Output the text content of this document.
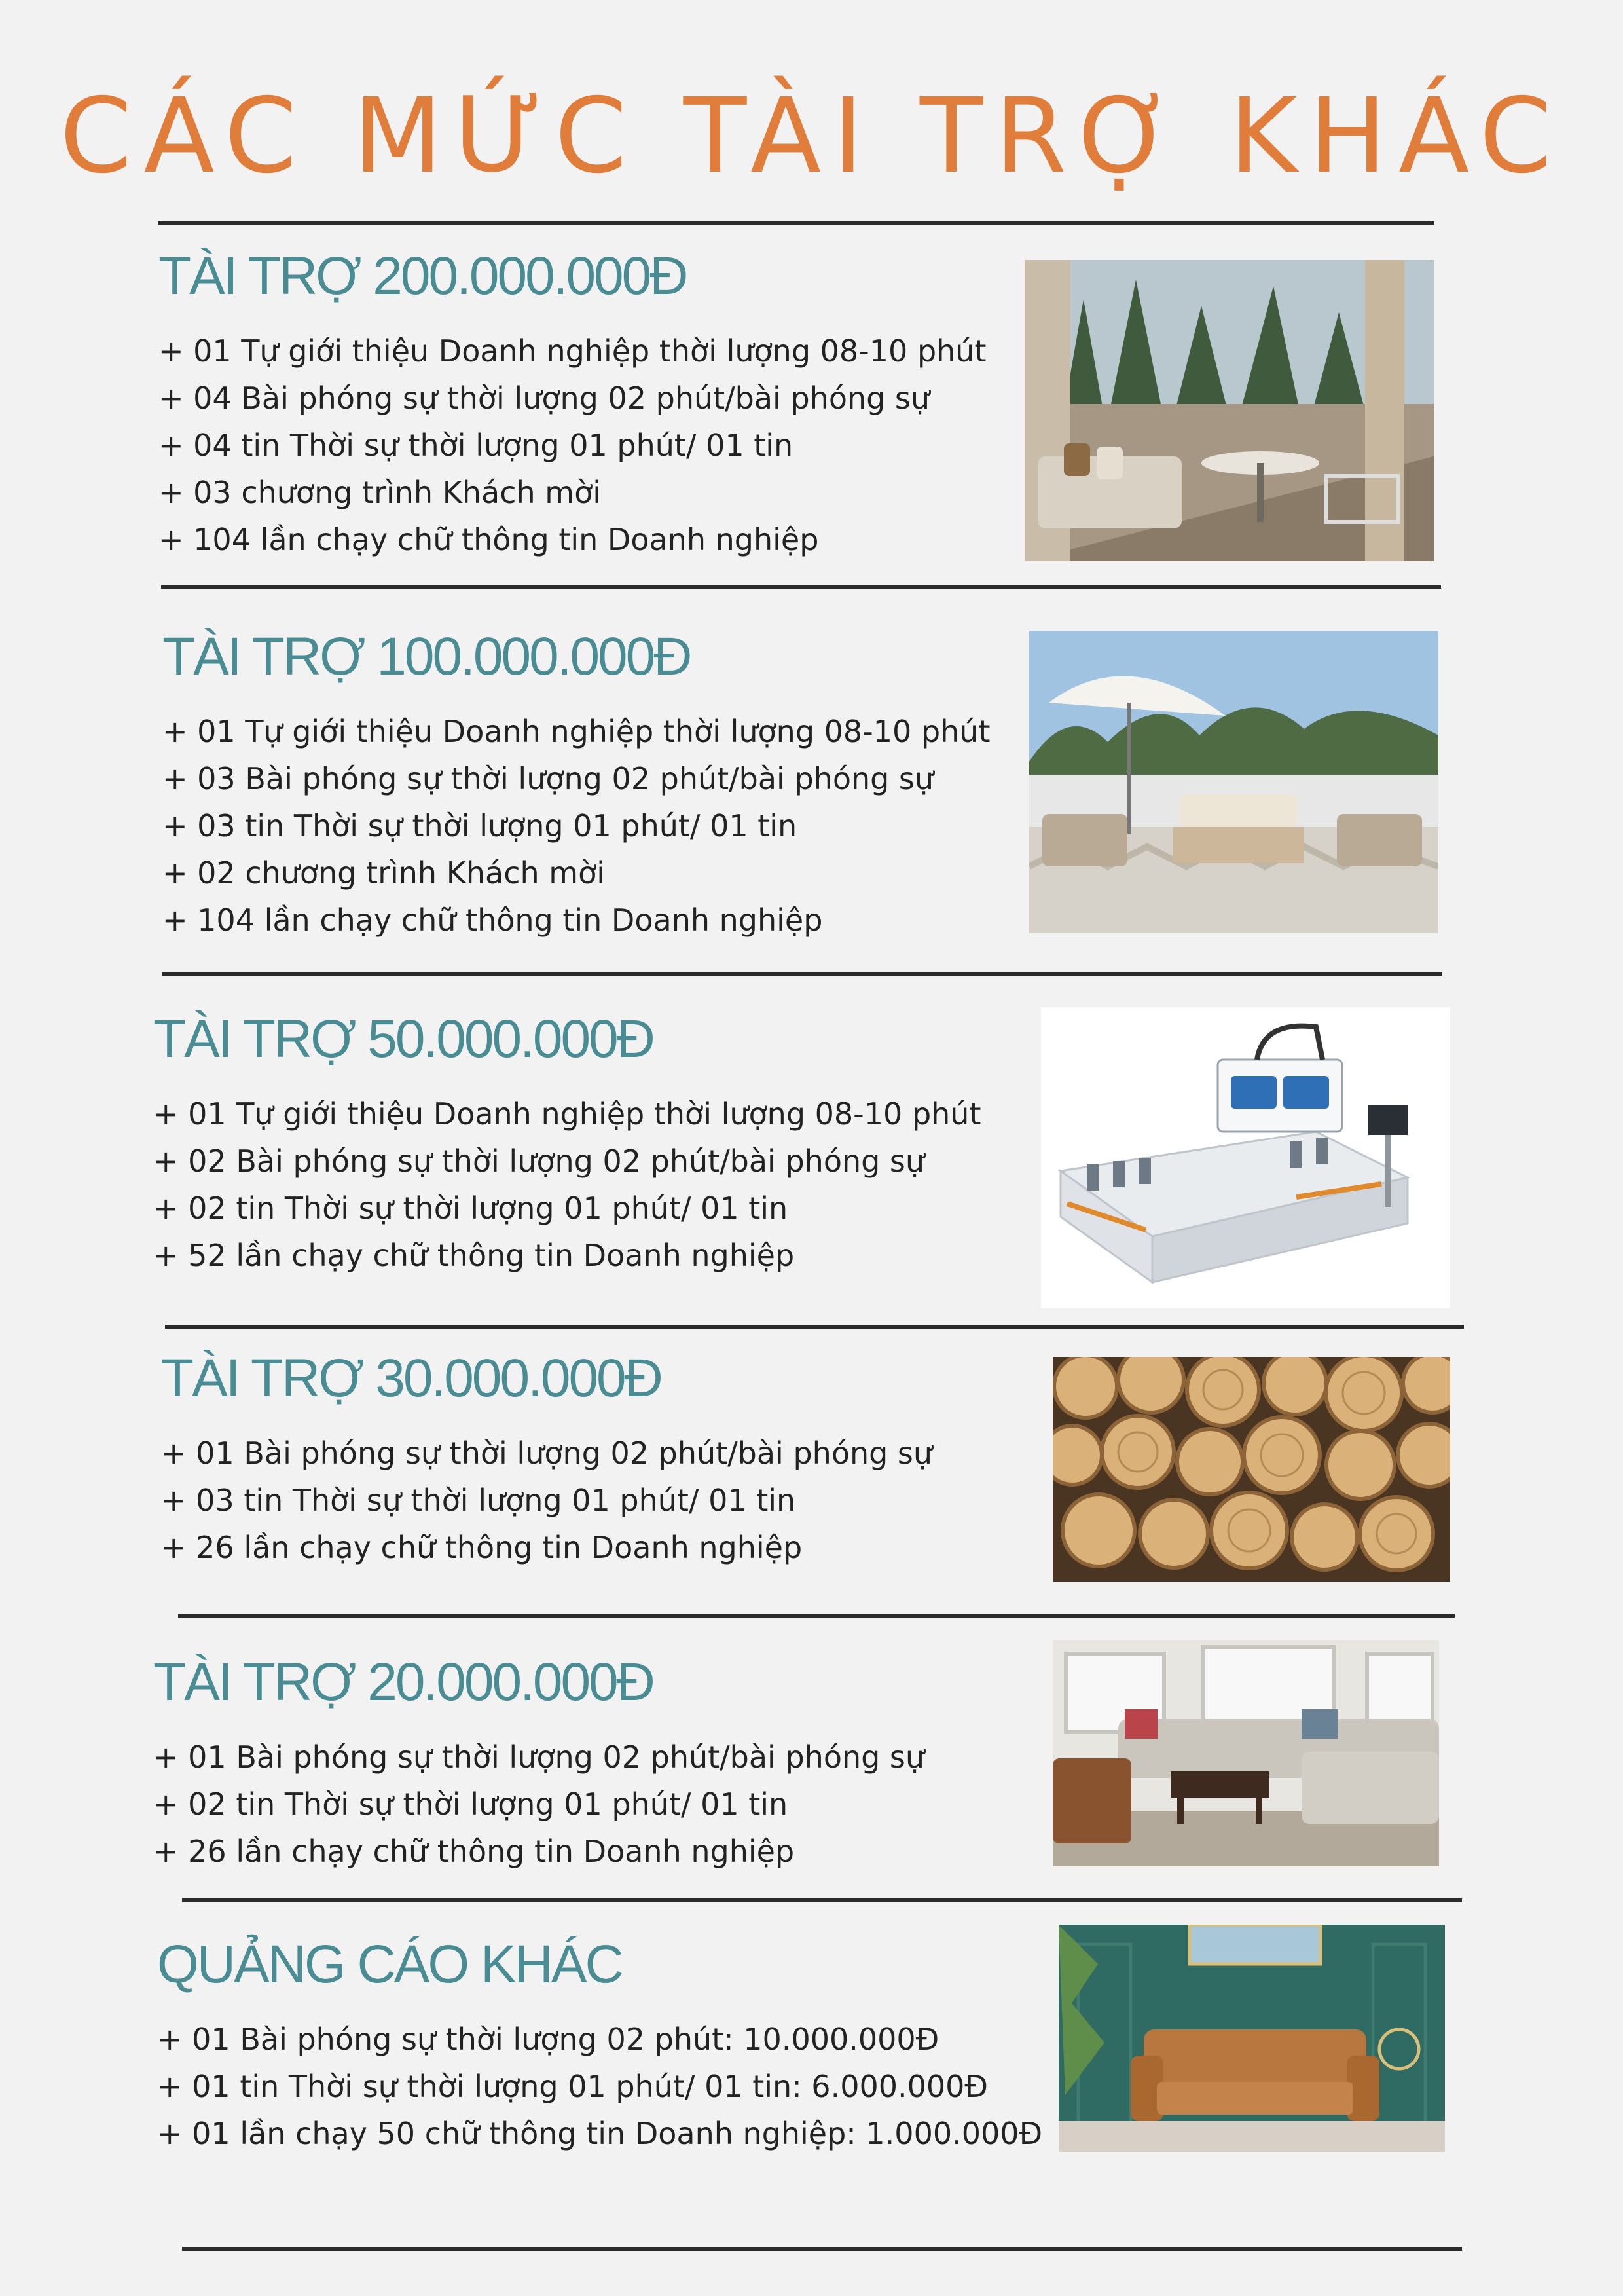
CÁC MỨC TÀI TRỢ KHÁC
TÀI TRỢ 200.000.000Đ
+ 01 Tự giới thiệu Doanh nghiệp thời lượng 08-10 phút
+ 04 Bài phóng sự thời lượng 02 phút/bài phóng sự
+ 04 tin Thời sự thời lượng 01 phút/ 01 tin
+ 03 chương trình Khách mời
+ 104 lần chạy chữ thông tin Doanh nghiệp
TÀI TRỢ 100.000.000Đ
+ 01 Tự giới thiệu Doanh nghiệp thời lượng 08-10 phút
+ 03 Bài phóng sự thời lượng 02 phút/bài phóng sự
+ 03 tin Thời sự thời lượng 01 phút/ 01 tin
+ 02 chương trình Khách mời
+ 104 lần chạy chữ thông tin Doanh nghiệp
TÀI TRỢ 50.000.000Đ
+ 01 Tự giới thiệu Doanh nghiệp thời lượng 08-10 phút
+ 02 Bài phóng sự thời lượng 02 phút/bài phóng sự
+ 02 tin Thời sự thời lượng 01 phút/ 01 tin
+ 52 lần chạy chữ thông tin Doanh nghiệp
TÀI TRỢ 30.000.000Đ
+ 01 Bài phóng sự thời lượng 02 phút/bài phóng sự
+ 03 tin Thời sự thời lượng 01 phút/ 01 tin
+ 26 lần chạy chữ thông tin Doanh nghiệp
TÀI TRỢ 20.000.000Đ
+ 01 Bài phóng sự thời lượng 02 phút/bài phóng sự
+ 02 tin Thời sự thời lượng 01 phút/ 01 tin
+ 26 lần chạy chữ thông tin Doanh nghiệp
QUẢNG CÁO KHÁC
+ 01 Bài phóng sự thời lượng 02 phút: 10.000.000Đ
+ 01 tin Thời sự thời lượng 01 phút/ 01 tin: 6.000.000Đ
+ 01 lần chạy 50 chữ thông tin Doanh nghiệp: 1.000.000Đ
